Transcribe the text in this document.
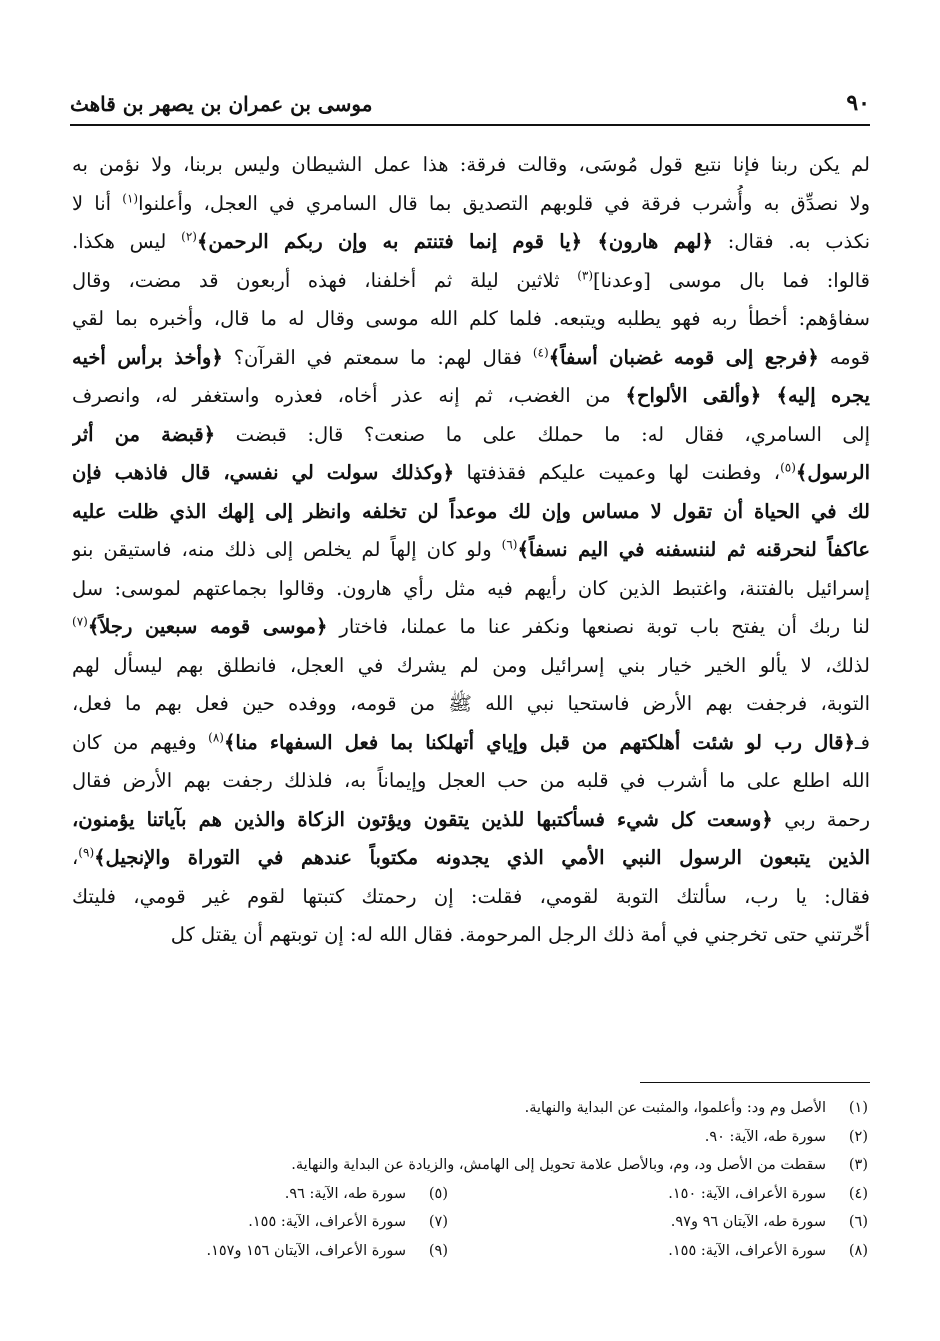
٩٠
موسى بن عمران بن يصهر بن قاهث
لم يكن ربنا فإنا نتبع قول مُوسَى، وقالت فرقة: هذا عمل الشيطان وليس بربنا، ولا نؤمن به
ولا نصدِّق به وأُشرب فرقة في قلوبهم التصديق بما قال السامري في العجل، وأعلنوا$^{(١)}$ أنا لا
نكذب به. فقال: ﴿لهم هارون﴾ ﴿يا قوم إنما فتنتم به وإن ربكم الرحمن﴾$^{(٢)}$ ليس هكذا.
قالوا: فما بال موسى [وعدنا]$^{(٣)}$ ثلاثين ليلة ثم أخلفنا، فهذه أربعون قد مضت، وقال
سفاؤهم: أخطأ ربه فهو يطلبه ويتبعه. فلما كلم الله موسى وقال له ما قال، وأخبره بما لقي
قومه ﴿فرجع إلى قومه غضبان أسفاً﴾$^{(٤)}$ فقال لهم: ما سمعتم في القرآن؟ ﴿وأخذ برأس أخيه
يجره إليه﴾ ﴿وألقى الألواح﴾ من الغضب، ثم إنه عذر أخاه، فعذره واستغفر له، وانصرف
إلى السامري، فقال له: ما حملك على ما صنعت؟ قال: قبضت ﴿قبضة من أثر
الرسول﴾$^{(٥)}$، وفطنت لها وعميت عليكم فقذفتها ﴿وكذلك سولت لي نفسي، قال فاذهب فإن
لك في الحياة أن تقول لا مساس وإن لك موعداً لن تخلفه وانظر إلى إلهك الذي ظلت عليه
عاكفاً لنحرقنه ثم لننسفنه في اليم نسفاً﴾$^{(٦)}$ ولو كان إلهاً لم يخلص إلى ذلك منه، فاستيقن بنو
إسرائيل بالفتنة، واغتبط الذين كان رأيهم فيه مثل رأي هارون. وقالوا بجماعتهم لموسى: سل
لنا ربك أن يفتح باب توبة نصنعها ونكفر عنا ما عملنا، فاختار ﴿موسى قومه سبعين رجلاً﴾$^{(٧)}$
لذلك، لا يألو الخير خيار بني إسرائيل ومن لم يشرك في العجل، فانطلق بهم ليسأل لهم
التوبة، فرجفت بهم الأرض فاستحيا نبي الله ﷺ من قومه، ووفده حين فعل بهم ما فعل،
فـ﴿قال رب لو شئت أهلكتهم من قبل وإياي أتهلكنا بما فعل السفهاء منا﴾$^{(٨)}$ وفيهم من كان
الله اطلع على ما أشرب في قلبه من حب العجل وإيماناً به، فلذلك رجفت بهم الأرض فقال
رحمة ربي ﴿وسعت كل شيء فسأكتبها للذين يتقون ويؤتون الزكاة والذين هم بآياتنا يؤمنون،
الذين يتبعون الرسول النبي الأمي الذي يجدونه مكتوباً عندهم في التوراة والإنجيل﴾$^{(٩)}$،
فقال: يا رب، سألتك التوبة لقومي، فقلت: إن رحمتك كتبتها لقوم غير قومي، فليتك
أخّرتني حتى تخرجني في أمة ذلك الرجل المرحومة. فقال الله له: إن توبتهم أن يقتل كل
(١)
الأصل وم ود: وأعلموا، والمثبت عن البداية والنهاية.
(٢)
سورة طه، الآية: ٩٠.
(٣)
سقطت من الأصل ود، وم، وبالأصل علامة تحويل إلى الهامش، والزيادة عن البداية والنهاية.
(٤)
سورة الأعراف، الآية: ١٥٠.
(٥)
سورة طه، الآية: ٩٦.
(٦)
سورة طه، الآيتان ٩٦ و٩٧.
(٧)
سورة الأعراف، الآية: ١٥٥.
(٨)
سورة الأعراف، الآية: ١٥٥.
(٩)
سورة الأعراف، الآيتان ١٥٦ و١٥٧.
